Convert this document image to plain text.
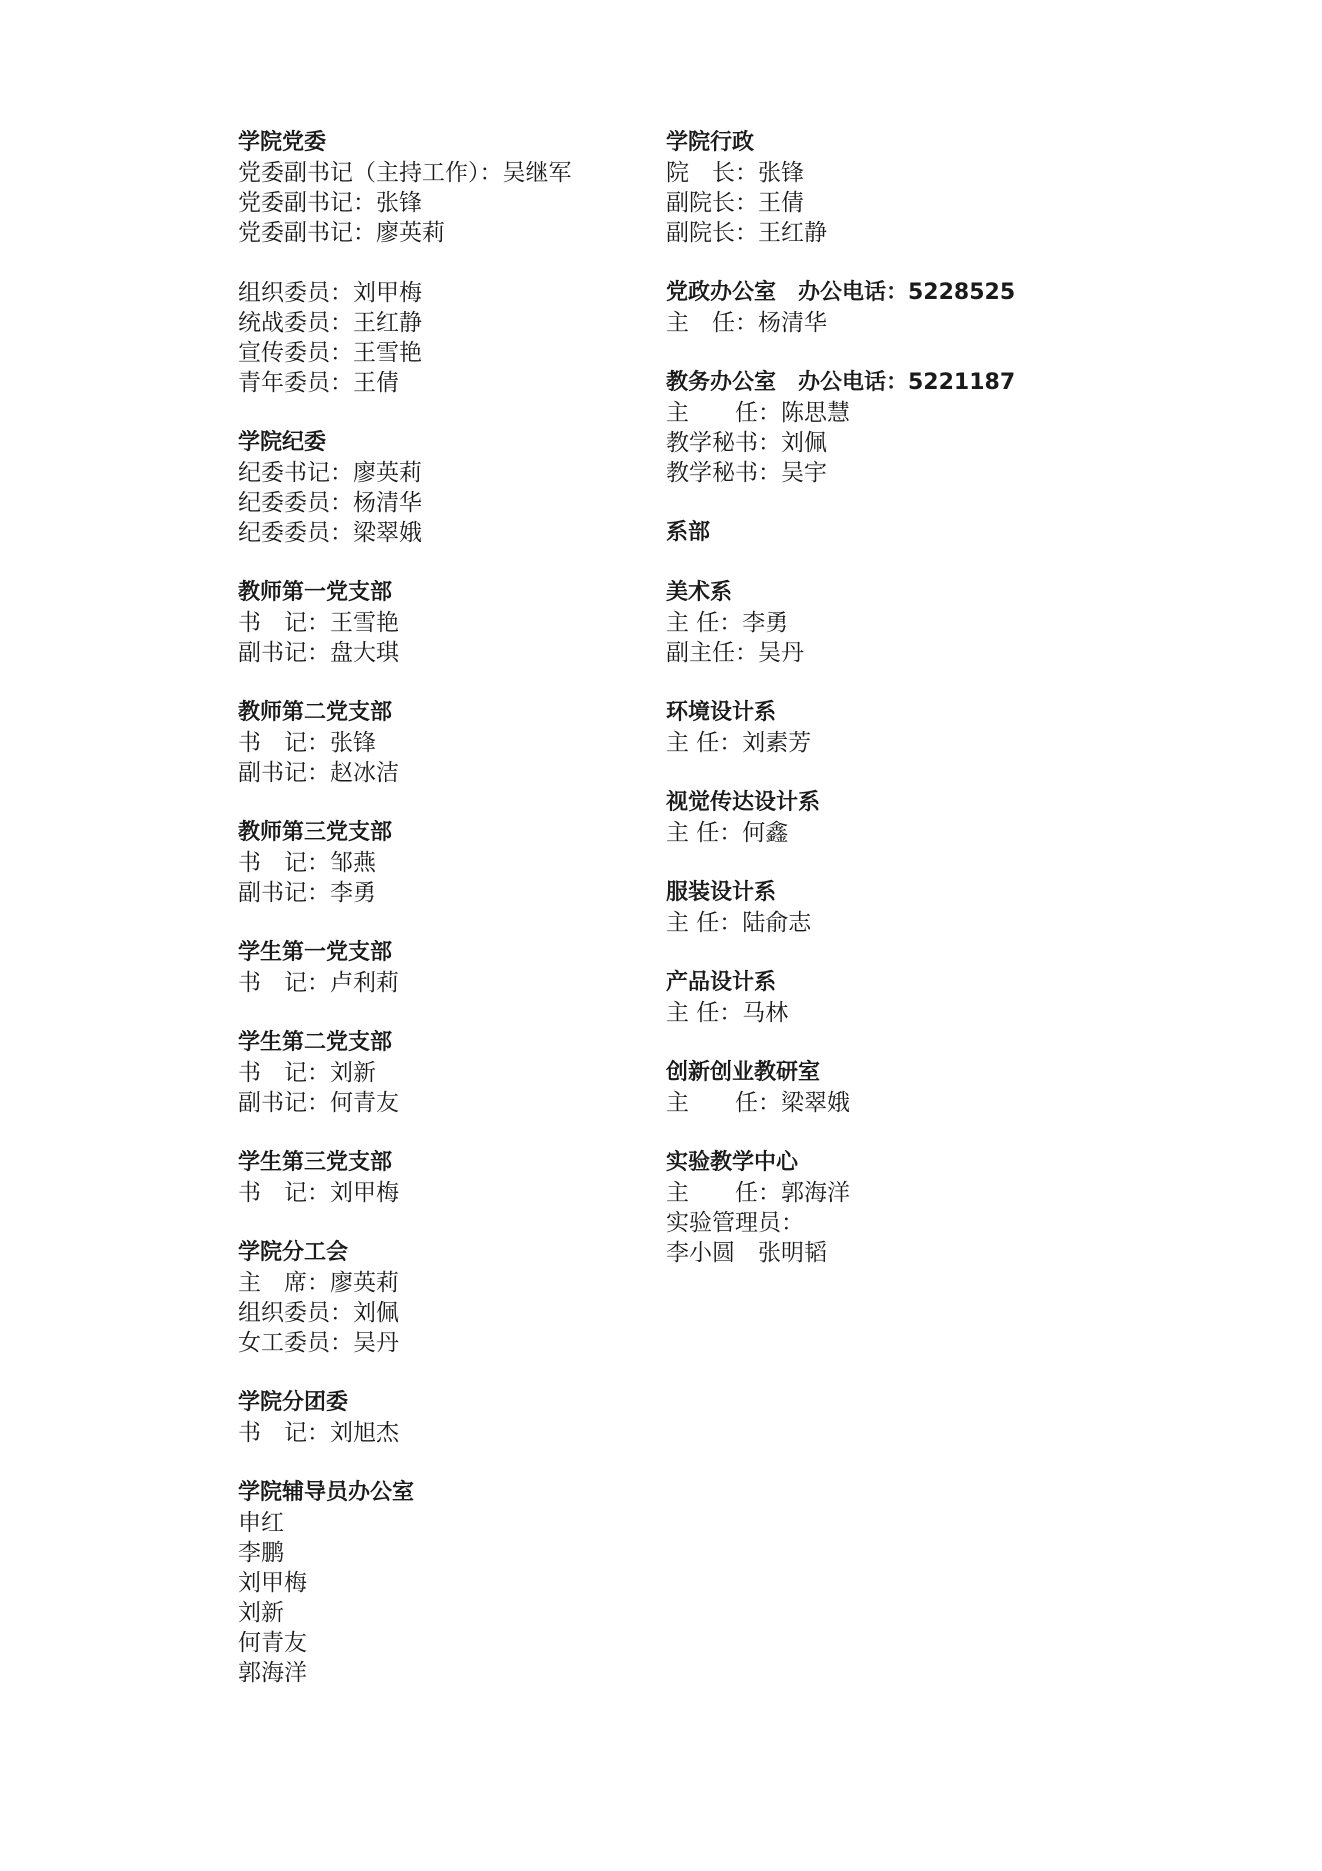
学院党委
党委副书记（主持工作）：吴继军
党委副书记：张锋
党委副书记：廖英莉
组织委员：刘甲梅
统战委员：王红静
宣传委员：王雪艳
青年委员：王倩
学院纪委
纪委书记：廖英莉
纪委委员：杨清华
纪委委员：梁翠娥
教师第一党支部
书　记：王雪艳
副书记：盘大琪
教师第二党支部
书　记：张锋
副书记：赵冰洁
教师第三党支部
书　记：邹燕
副书记：李勇
学生第一党支部
书　记：卢利莉
学生第二党支部
书　记：刘新
副书记：何青友
学生第三党支部
书　记：刘甲梅
学院分工会
主　席：廖英莉
组织委员：刘佩
女工委员：吴丹
学院分团委
书　记：刘旭杰
学院辅导员办公室
申红
李鹏
刘甲梅
刘新
何青友
郭海洋
学院行政
院　长：张锋
副院长：王倩
副院长：王红静
党政办公室　办公电话：5228525
主　任：杨清华
教务办公室　办公电话：5221187
主　　任：陈思慧
教学秘书：刘佩
教学秘书：吴宇
系部
美术系
主 任：李勇
副主任：吴丹
环境设计系
主 任：刘素芳
视觉传达设计系
主 任：何鑫
服装设计系
主 任：陆俞志
产品设计系
主 任：马林
创新创业教研室
主　　任：梁翠娥
实验教学中心
主　　任：郭海洋
实验管理员：
李小圆　张明韬
